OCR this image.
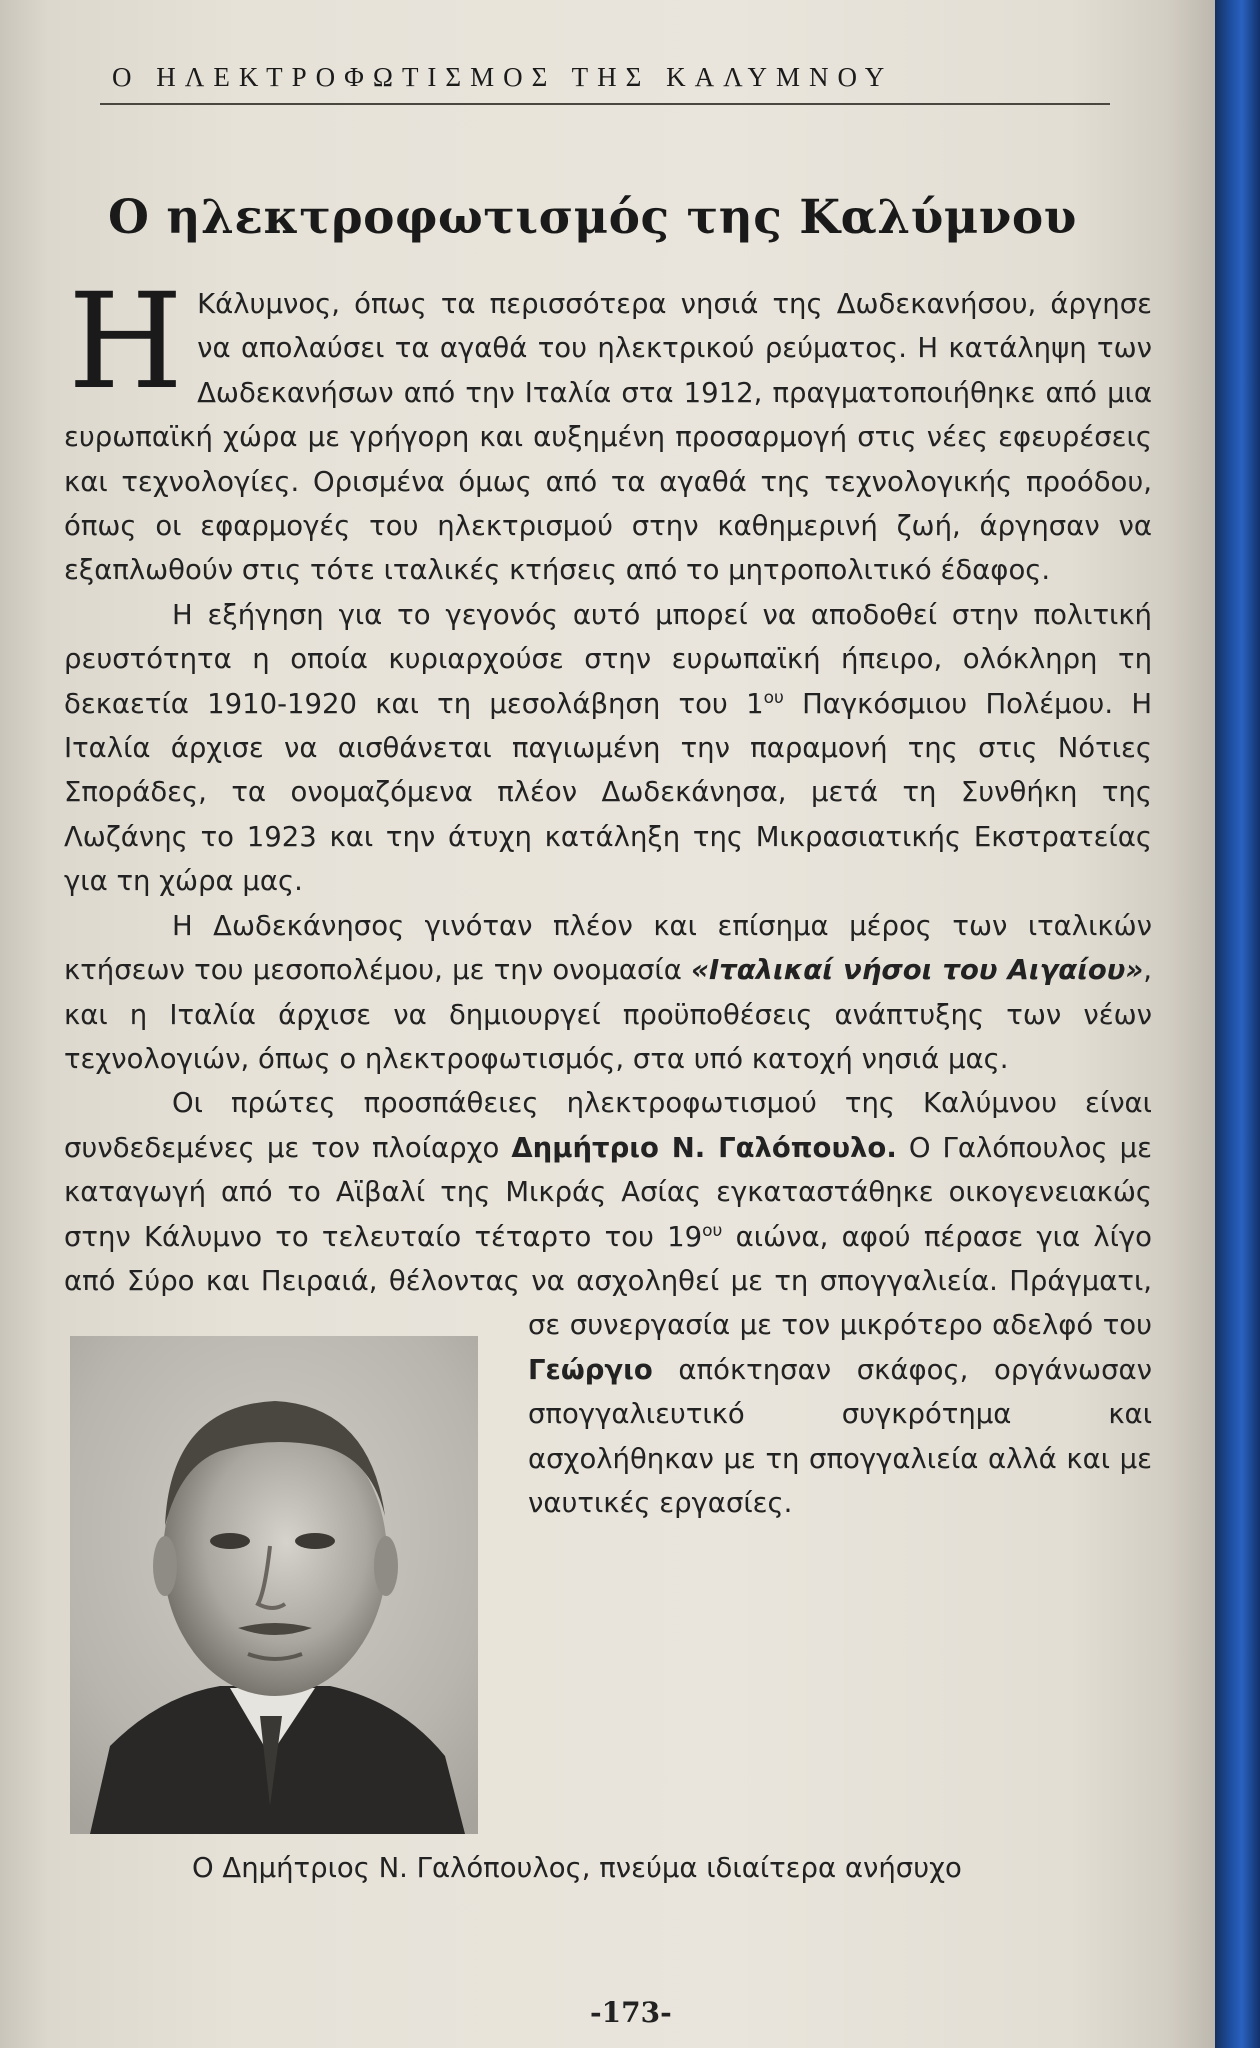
Ο ΗΛΕΚΤΡΟΦΩΤΙΣΜΟΣ ΤΗΣ ΚΑΛΥΜΝΟΥ
Ο ηλεκτροφωτισμός της Καλύμνου

Η Κάλυμνος, όπως τα περισσότερα νησιά της Δωδεκανήσου, άργησε να απολαύσει τα αγαθά του ηλεκτρικού ρεύματος. Η κατάληψη των Δωδεκανήσων από την Ιταλία στα 1912, πραγματοποιήθηκε από μια ευρωπαϊκή χώρα με γρήγορη και αυξημένη προσαρμογή στις νέες εφευρέσεις και τεχνολογίες. Ορισμένα όμως από τα αγαθά της τεχνολογικής προόδου, όπως οι εφαρμογές του ηλεκτρισμού στην καθημερινή ζωή, άργησαν να εξαπλωθούν στις τότε ιταλικές κτήσεις από το μητροπολιτικό έδαφος.

Η εξήγηση για το γεγονός αυτό μπορεί να αποδοθεί στην πολιτική ρευστότητα η οποία κυριαρχούσε στην ευρωπαϊκή ήπειρο, ολόκληρη τη δεκαετία 1910-1920 και τη μεσολάβηση του $1^{o\upsilon}$ Παγκόσμιου Πολέμου. Η Ιταλία άρχισε να αισθάνεται παγιωμένη την παραμονή της στις Νότιες Σποράδες, τα ονομαζόμενα πλέον Δωδεκάνησα, μετά τη Συνθήκη της Λωζάνης το 1923 και την άτυχη κατάληξη της Μικρασιατικής Εκστρατείας για τη χώρα μας.

Η Δωδεκάνησος γινόταν πλέον και επίσημα μέρος των ιταλικών κτήσεων του μεσοπολέμου, με την ονομασία «Ιταλικαί νήσοι του Αιγαίου», και η Ιταλία άρχισε να δημιουργεί προϋποθέσεις ανάπτυξης των νέων τεχνολογιών, όπως ο ηλεκτροφωτισμός, στα υπό κατοχή νησιά μας.

Οι πρώτες προσπάθειες ηλεκτροφωτισμού της Καλύμνου είναι συνδεδεμένες με τον πλοίαρχο Δημήτριο Ν. Γαλόπουλο. Ο Γαλόπουλος με καταγωγή από το Αϊβαλί της Μικράς Ασίας εγκαταστάθηκε οικογενειακώς στην Κάλυμνο το τελευταίο τέταρτο του $19^{o\upsilon}$ αιώνα, αφού πέρασε για λίγο από Σύρο και Πειραιά, θέλοντας να ασχοληθεί με τη σπογγαλιεία. Πράγματι, σε συνεργασία με τον μικρότερο αδελφό του Γεώργιο απόκτησαν σκάφος, οργάνωσαν σπογγαλιευτικό συγκρότημα και ασχολήθηκαν με τη σπογγαλιεία αλλά και με ναυτικές εργασίες.

Ο Δημήτριος Ν. Γαλόπουλος, πνεύμα ιδιαίτερα ανήσυχο
-173-
